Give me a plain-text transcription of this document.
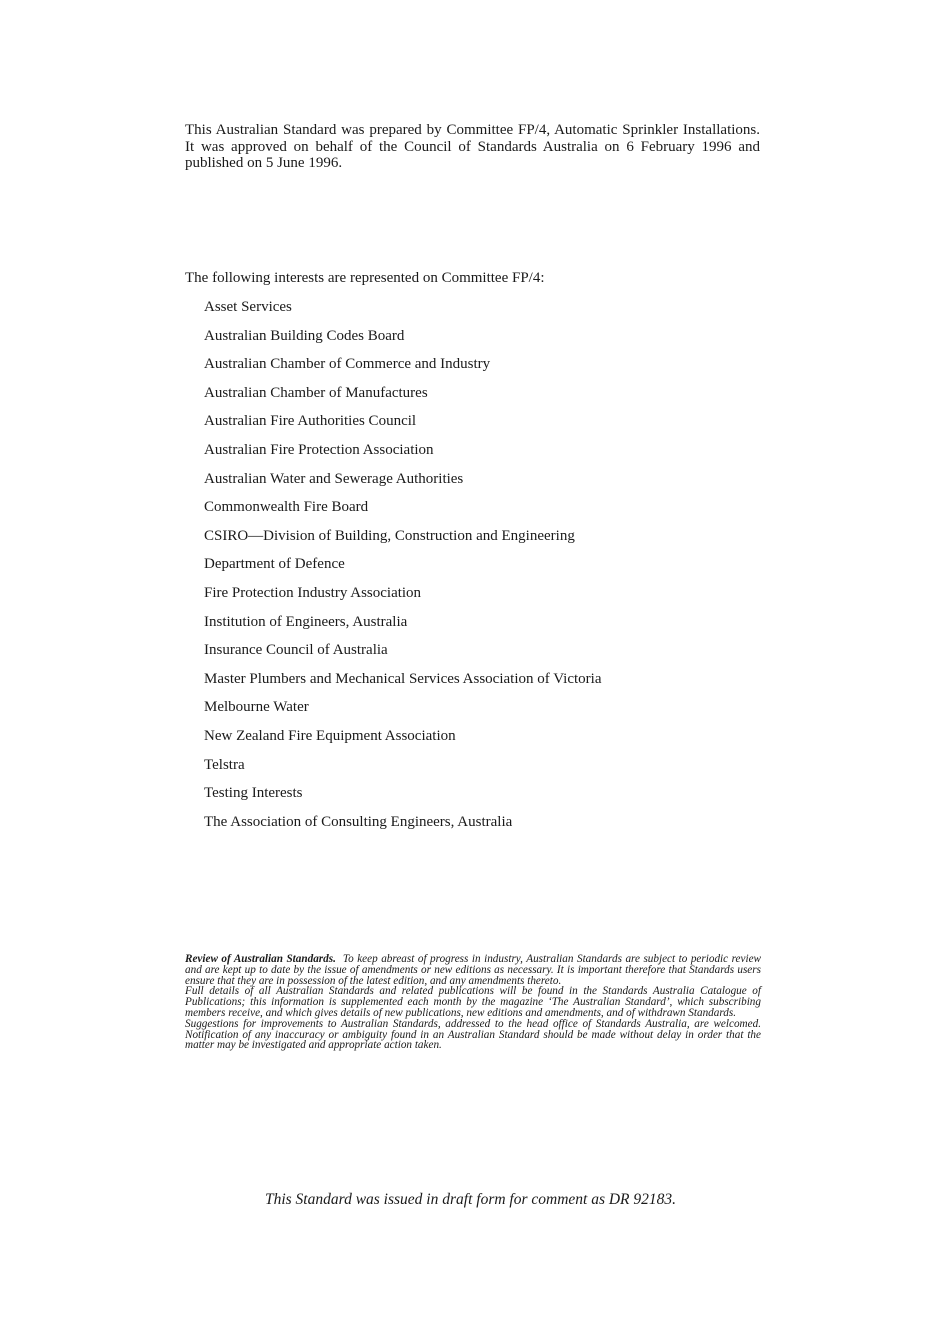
This Australian Standard was prepared by Committee FP/4, Automatic Sprinkler Installations. It was approved on behalf of the Council of Standards Australia on 6 February 1996 and published on 5 June 1996.

The following interests are represented on Committee FP/4:

Asset Services
Australian Building Codes Board
Australian Chamber of Commerce and Industry
Australian Chamber of Manufactures
Australian Fire Authorities Council
Australian Fire Protection Association
Australian Water and Sewerage Authorities
Commonwealth Fire Board
CSIRO—Division of Building, Construction and Engineering
Department of Defence
Fire Protection Industry Association
Institution of Engineers, Australia
Insurance Council of Australia
Master Plumbers and Mechanical Services Association of Victoria
Melbourne Water
New Zealand Fire Equipment Association
Telstra
Testing Interests
The Association of Consulting Engineers, Australia

Review of Australian Standards. To keep abreast of progress in industry, Australian Standards are subject to periodic review and are kept up to date by the issue of amendments or new editions as necessary. It is important therefore that Standards users ensure that they are in possession of the latest edition, and any amendments thereto.

Full details of all Australian Standards and related publications will be found in the Standards Australia Catalogue of Publications; this information is supplemented each month by the magazine ‘The Australian Standard’, which subscribing members receive, and which gives details of new publications, new editions and amendments, and of withdrawn Standards.

Suggestions for improvements to Australian Standards, addressed to the head office of Standards Australia, are welcomed. Notification of any inaccuracy or ambiguity found in an Australian Standard should be made without delay in order that the matter may be investigated and appropriate action taken.

This Standard was issued in draft form for comment as DR 92183.
